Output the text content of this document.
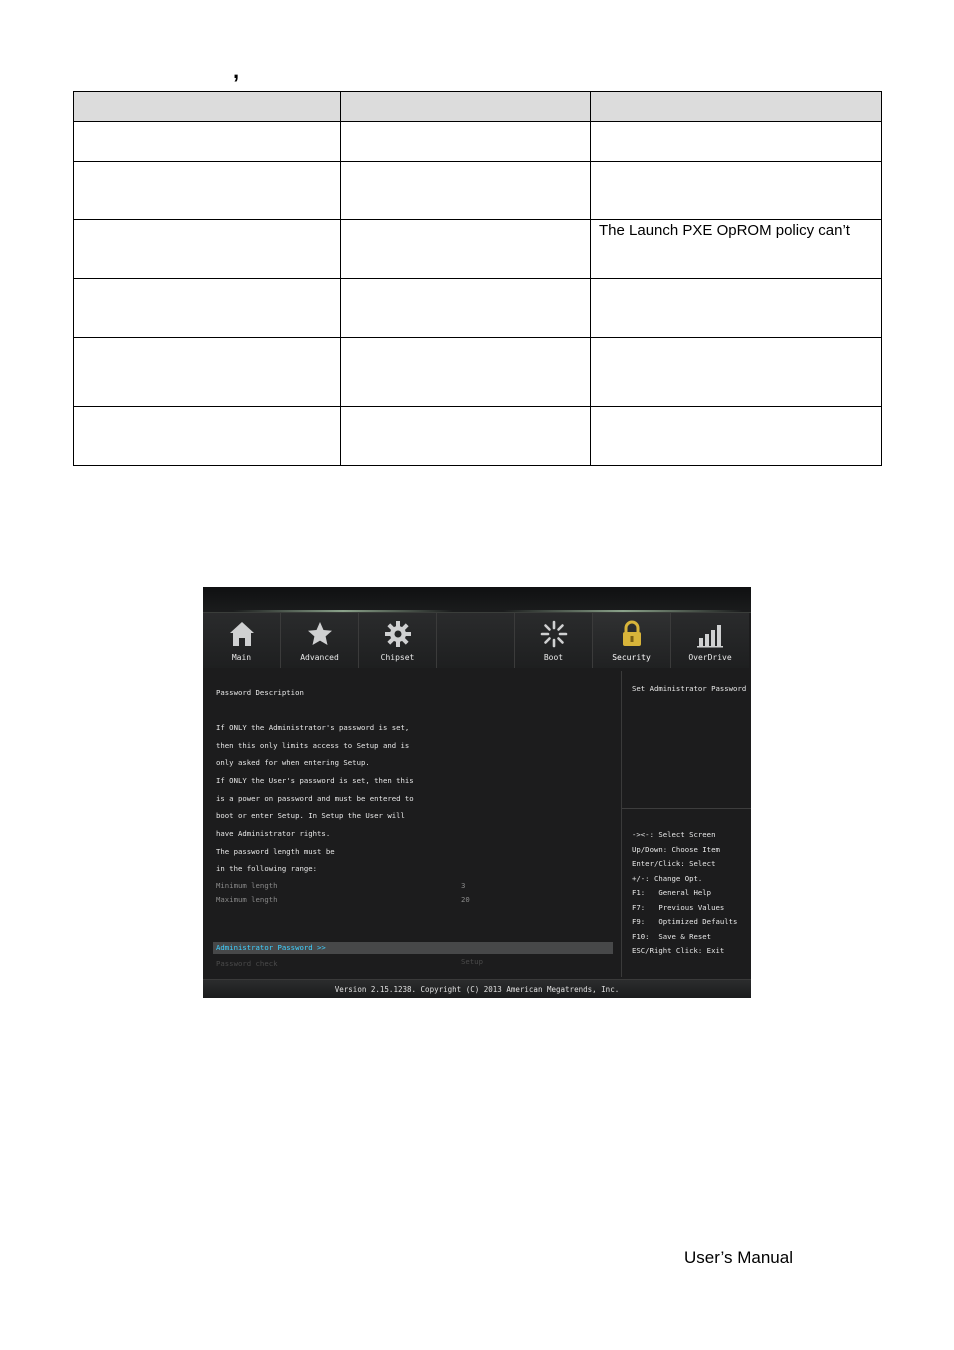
,

		The Launch PXE OpROM policy can’t

Main	Advanced	Chipset	Boot	Security	OverDrive
Password Description
If ONLY the Administrator's password is set,
then this only limits access to Setup and is
only asked for when entering Setup.
If ONLY the User's password is set, then this
is a power on password and must be entered to
boot or enter Setup. In Setup the User will
have Administrator rights.
The password length must be
in the following range:
Minimum length	3
Maximum length	20
Administrator Password >>
Password check	Setup
Set Administrator Password
-><-: Select Screen
Up/Down: Choose Item
Enter/Click: Select
+/-: Change Opt.
F1:   General Help
F7:   Previous Values
F9:   Optimized Defaults
F10:  Save & Reset
ESC/Right Click: Exit
Version 2.15.1238. Copyright (C) 2013 American Megatrends, Inc.
User’s Manual
